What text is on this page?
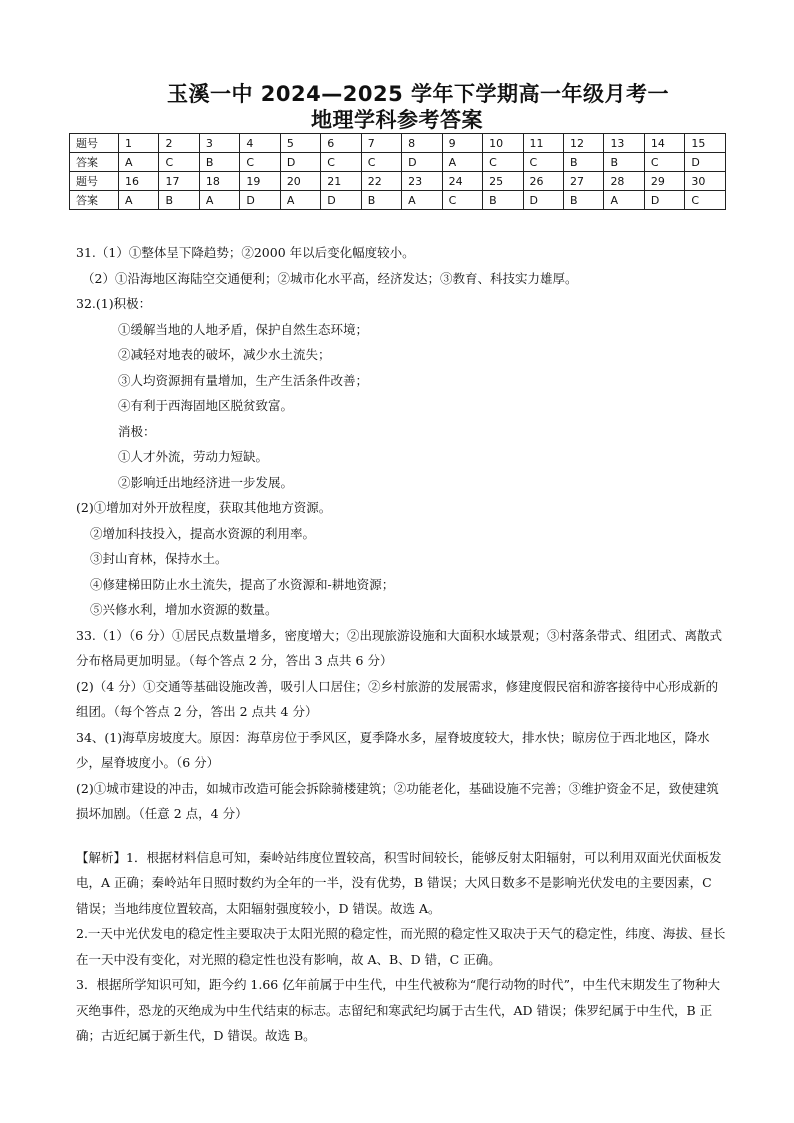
玉溪一中 2024—2025 学年下学期高一年级月考一
地理学科参考答案
题号	1	2	3	4	5	6	7	8	9	10	11	12	13	14	15
答案	A	C	B	C	D	C	C	D	A	C	C	B	B	C	D
题号	16	17	18	19	20	21	22	23	24	25	26	27	28	29	30
答案	A	B	A	D	A	D	B	A	C	B	D	B	A	D	C

31.（1）①整体呈下降趋势；②2000 年以后变化幅度较小。

（2）①沿海地区海陆空交通便利；②城市化水平高，经济发达；③教育、科技实力雄厚。

32.(1)积极：

①缓解当地的人地矛盾，保护自然生态环境；

②减轻对地表的破坏，减少水土流失；

③人均资源拥有量增加，生产生活条件改善；

④有利于西海固地区脱贫致富。

消极：

①人才外流，劳动力短缺。

②影响迁出地经济进一步发展。

(2)①增加对外开放程度，获取其他地方资源。

②增加科技投入，提高水资源的利用率。

③封山育林，保持水土。

④修建梯田防止水土流失，提高了水资源和-耕地资源；

⑤兴修水利，增加水资源的数量。

33.（1）（6 分）①居民点数量增多，密度增大；②出现旅游设施和大面积水域景观；③村落条带式、组团式、离散式分布格局更加明显。（每个答点 2 分，答出 3 点共 6 分）

(2)（4 分）①交通等基础设施改善，吸引人口居住；②乡村旅游的发展需求，修建度假民宿和游客接待中心形成新的组团。（每个答点 2 分，答出 2 点共 4 分）

34、(1)海草房坡度大。原因：海草房位于季风区，夏季降水多，屋脊坡度较大，排水快；晾房位于西北地区，降水少，屋脊坡度小。（6 分）

(2)①城市建设的冲击，如城市改造可能会拆除骑楼建筑；②功能老化，基础设施不完善；③维护资金不足，致使建筑损坏加剧。（任意 2 点，4 分）

【解析】1．根据材料信息可知，秦岭站纬度位置较高，积雪时间较长，能够反射太阳辐射，可以利用双面光伏面板发电，A 正确；秦岭站年日照时数约为全年的一半，没有优势，B 错误；大风日数多不是影响光伏发电的主要因素，C 错误；当地纬度位置较高，太阳辐射强度较小，D 错误。故选 A。

2.一天中光伏发电的稳定性主要取决于太阳光照的稳定性，而光照的稳定性又取决于天气的稳定性，纬度、海拔、昼长在一天中没有变化，对光照的稳定性也没有影响，故 A、B、D 错，C 正确。

3．根据所学知识可知，距今约 1.66 亿年前属于中生代，中生代被称为“爬行动物的时代”，中生代末期发生了物种大灭绝事件，恐龙的灭绝成为中生代结束的标志。志留纪和寒武纪均属于古生代，AD 错误；侏罗纪属于中生代，B 正确；古近纪属于新生代，D 错误。故选 B。
